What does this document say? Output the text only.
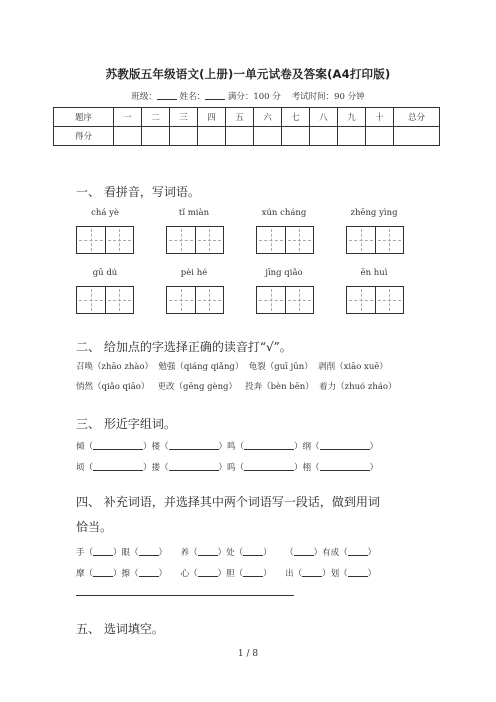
苏教版五年级语文(上册)一单元试卷及答案(A4打印版)
班级：	姓名：	满分：100 分 考试时间：90 分钟
题序	一	二	三	四	五	六	七	八	九	十	总分
得分											
一、 看拼音，写词语。
chá yè	tǐ miàn	xún cháng	zhēng yìng
gū dú	pèi hé	jīng qiǎo	ēn huì
二、 给加点的字选择正确的读音打“√”。
召唤（zhāo zhào） 勉强（qiáng qiǎng） 龟裂（guī jūn） 剥削（xiāo xuē）
悄然（qiǎo qiāo） 更改（gēng gèng） 投奔（bèn bēn） 着力（zhuó zháo）
三、 形近字组词。
倾（	）楼（	）鸣（	）纲（	）
顷（	）搂（	）呜（	）栩（	）
四、 补充词语，并选择其中两个词语写一段话，做到用词
恰当。
手（ ）眼（ ） 养（ ）处（ ） （ ）有成（ ）
摩（ ）擦（ ） 心（ ）胆（ ） 出（ ）划（ ）
五、 选词填空。
1 / 8
